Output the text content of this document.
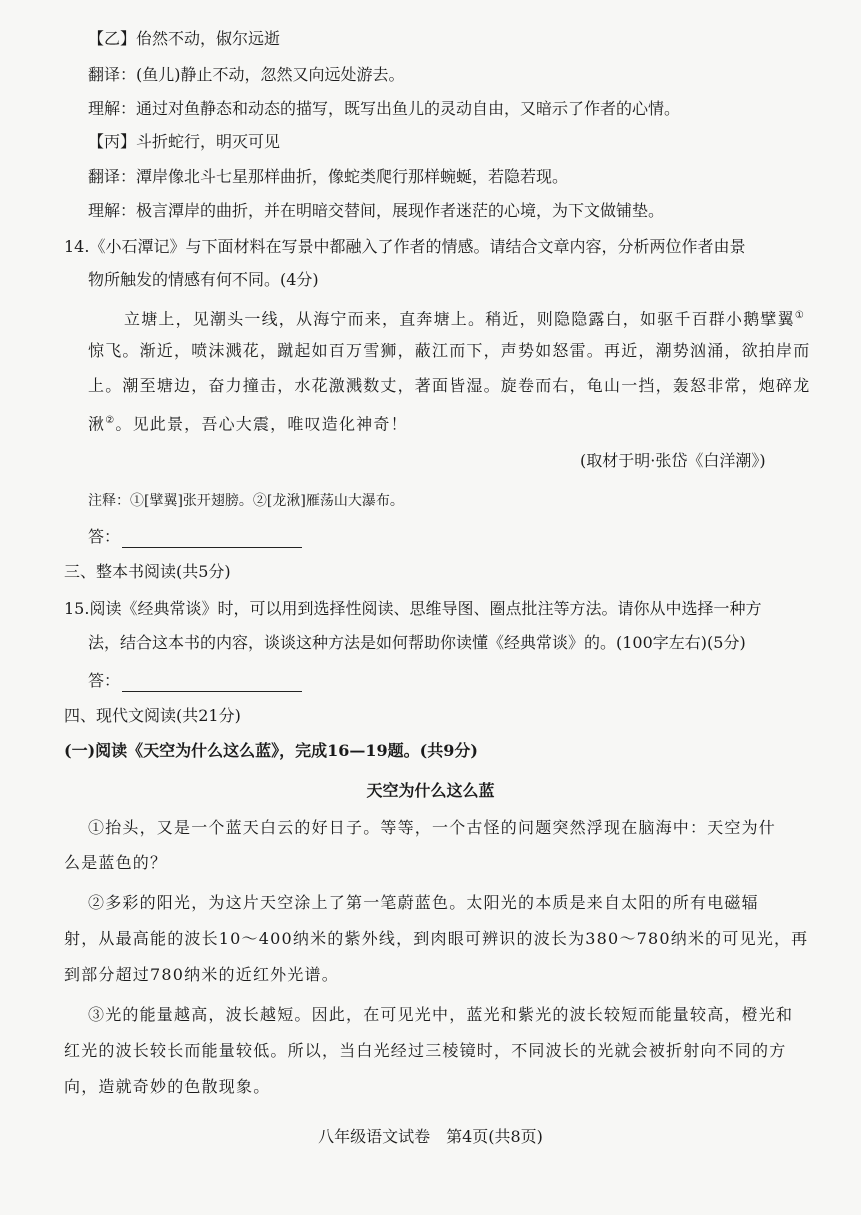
【乙】佁然不动，俶尔远逝
翻译：(鱼儿)静止不动，忽然又向远处游去。
理解：通过对鱼静态和动态的描写，既写出鱼儿的灵动自由，又暗示了作者的心情。
【丙】斗折蛇行，明灭可见
翻译：潭岸像北斗七星那样曲折，像蛇类爬行那样蜿蜒，若隐若现。
理解：极言潭岸的曲折，并在明暗交替间，展现作者迷茫的心境，为下文做铺垫。
14.《小石潭记》与下面材料在写景中都融入了作者的情感。请结合文章内容，分析两位作者由景
物所触发的情感有何不同。(4分)
立塘上，见潮头一线，从海宁而来，直奔塘上。稍近，则隐隐露白，如驱千百群小鹅擘翼①
惊飞。渐近，喷沫溅花，蹴起如百万雪狮，蔽江而下，声势如怒雷。再近，潮势汹涌，欲拍岸而
上。潮至塘边，奋力撞击，水花激溅数丈，著面皆湿。旋卷而右，龟山一挡，轰怒非常，炮碎龙
湫②。见此景，吾心大震，唯叹造化神奇！
(取材于明·张岱《白洋潮》)
注释：①[擘翼]张开翅膀。②[龙湫]雁荡山大瀑布。
答：
三、整本书阅读(共5分)
15.阅读《经典常谈》时，可以用到选择性阅读、思维导图、圈点批注等方法。请你从中选择一种方
法，结合这本书的内容，谈谈这种方法是如何帮助你读懂《经典常谈》的。(100字左右)(5分)
答：
四、现代文阅读(共21分)
(一)阅读《天空为什么这么蓝》，完成16—19题。(共9分)
天空为什么这么蓝
①抬头，又是一个蓝天白云的好日子。等等，一个古怪的问题突然浮现在脑海中：天空为什
么是蓝色的？
②多彩的阳光，为这片天空涂上了第一笔蔚蓝色。太阳光的本质是来自太阳的所有电磁辐
射，从最高能的波长10～400纳米的紫外线，到肉眼可辨识的波长为380～780纳米的可见光，再
到部分超过780纳米的近红外光谱。
③光的能量越高，波长越短。因此，在可见光中，蓝光和紫光的波长较短而能量较高，橙光和
红光的波长较长而能量较低。所以，当白光经过三棱镜时，不同波长的光就会被折射向不同的方
向，造就奇妙的色散现象。
八年级语文试卷　第4页(共8页)
